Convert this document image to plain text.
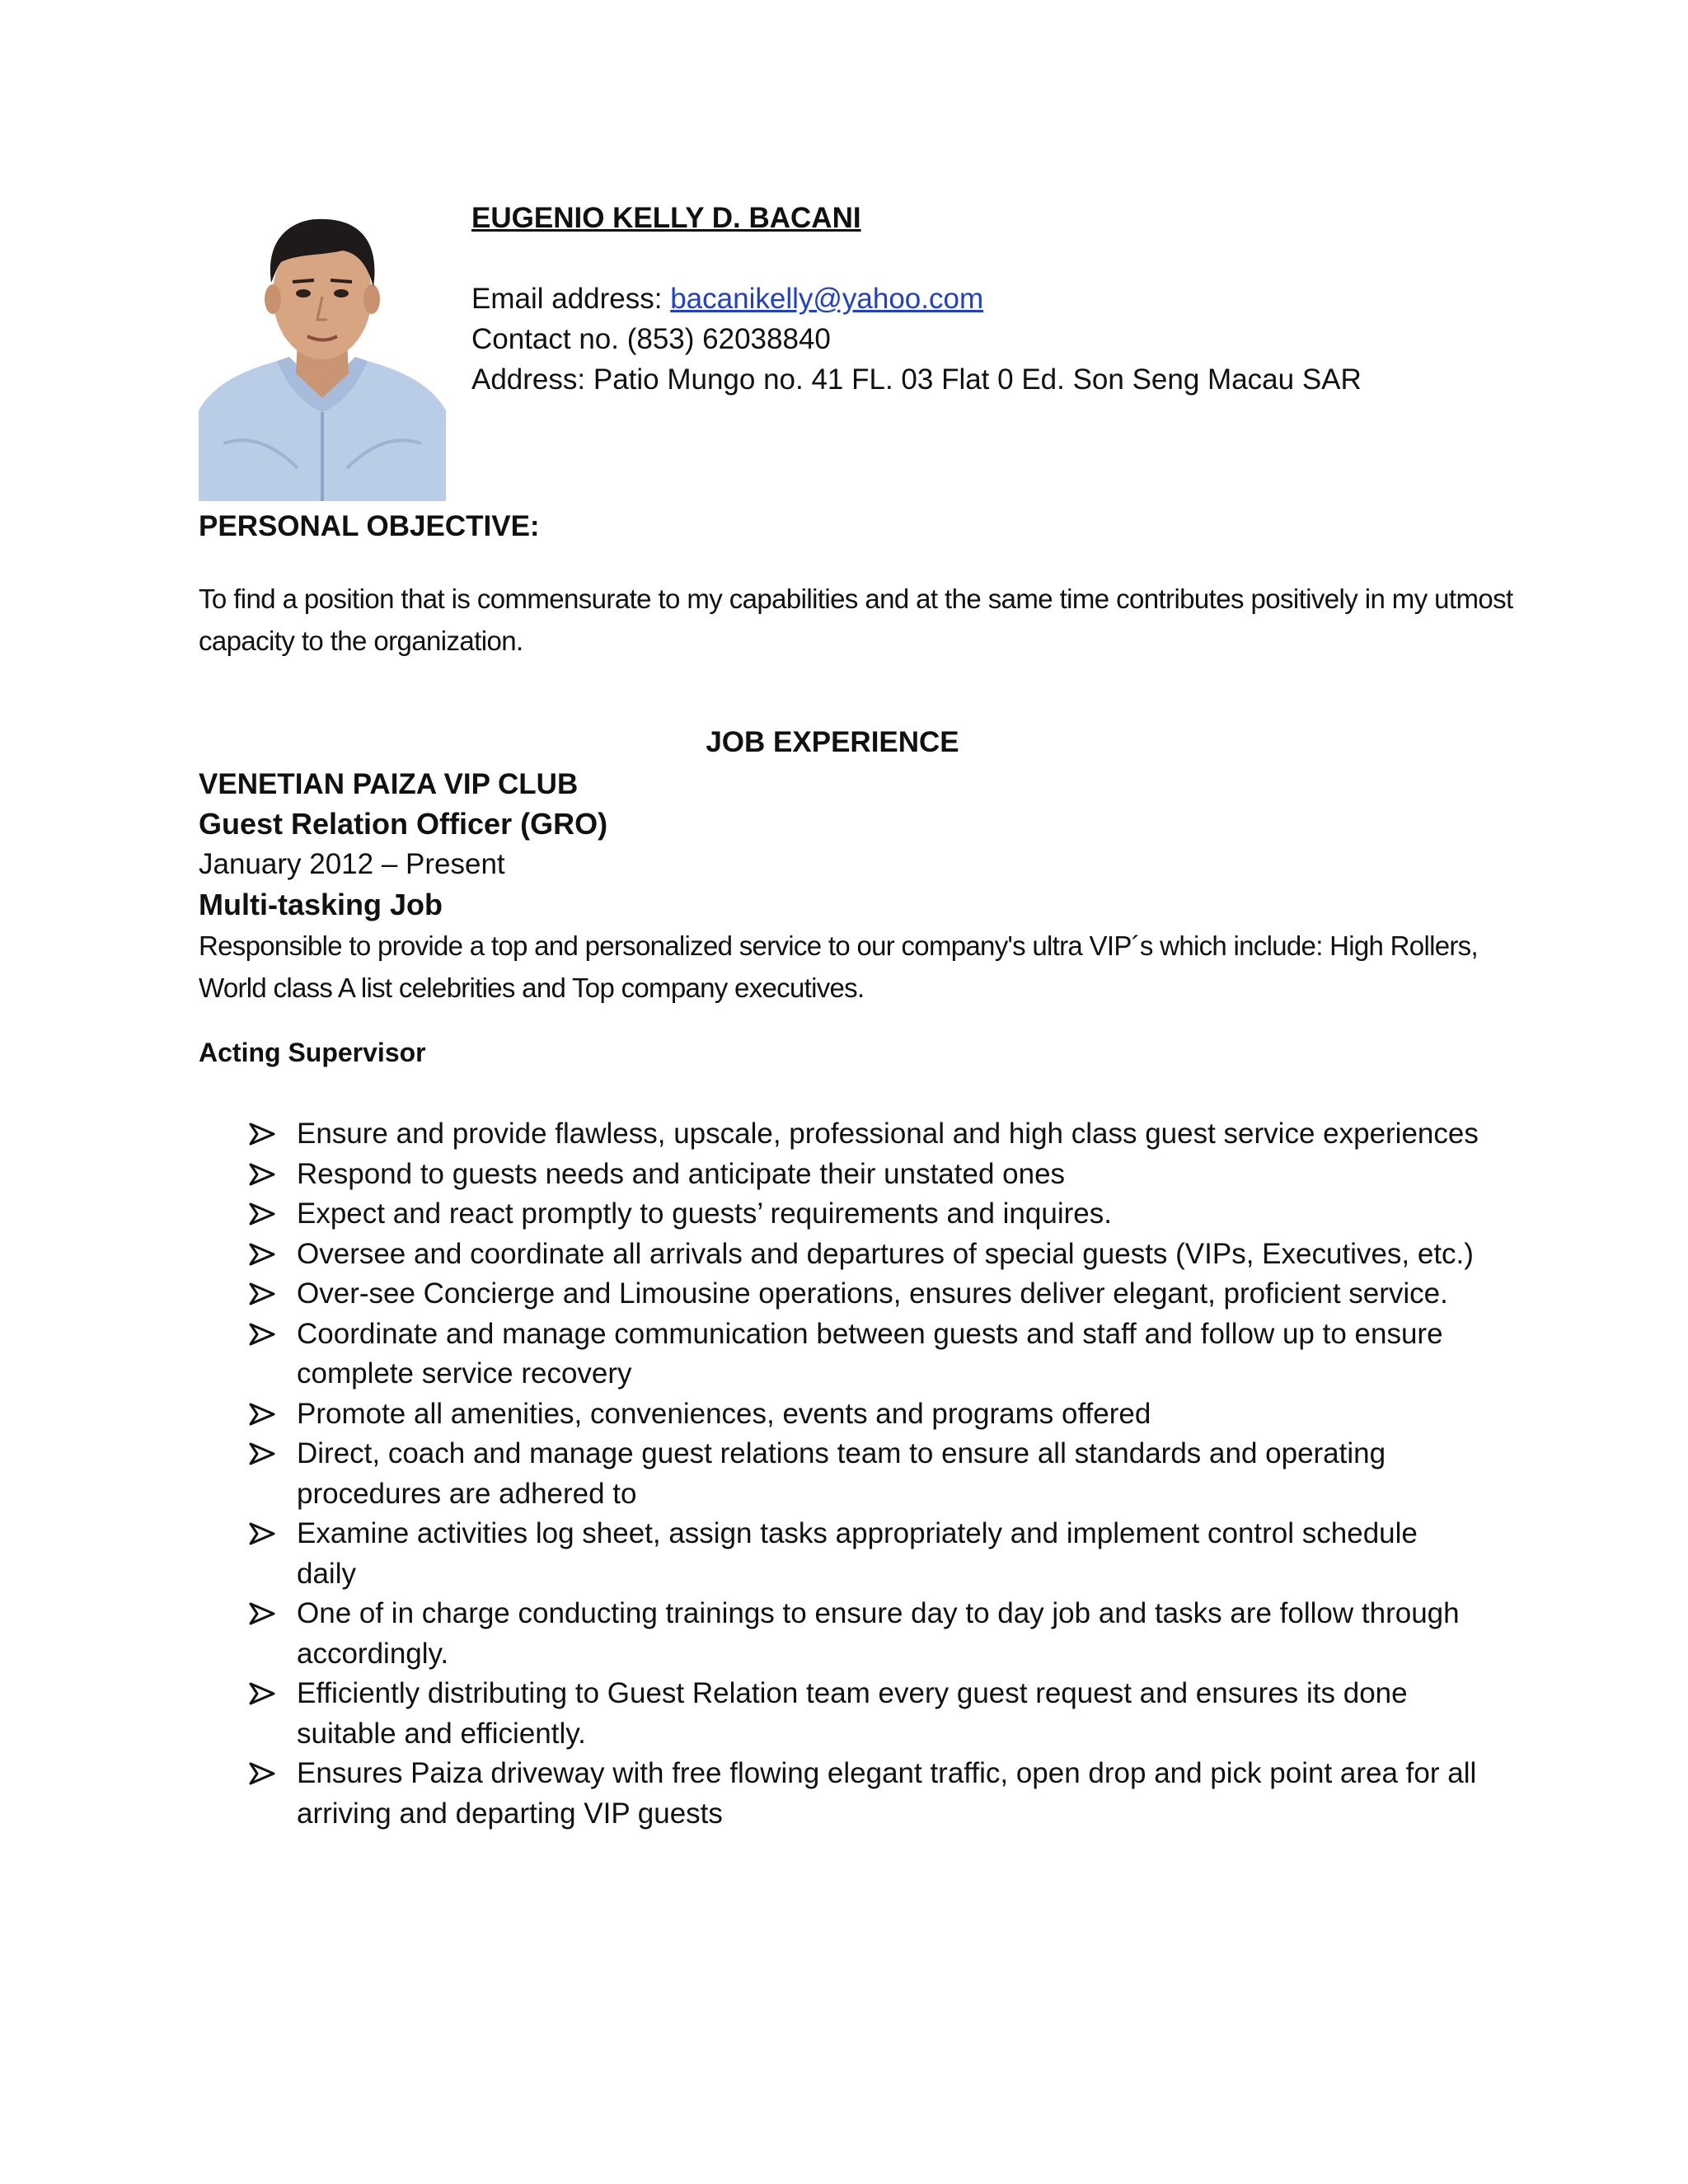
EUGENIO KELLY D. BACANI

Email address: bacanikelly@yahoo.com

Contact no. (853) 62038840

Address: Patio Mungo no. 41 FL. 03 Flat 0 Ed. Son Seng Macau SAR

PERSONAL OBJECTIVE:

To find a position that is commensurate to my capabilities and at the same time contributes positively in my utmost capacity to the organization.

JOB EXPERIENCE

VENETIAN PAIZA VIP CLUB

Guest Relation Officer (GRO)

January 2012 – Present

Multi-tasking Job

Responsible to provide a top and personalized service to our company's ultra VIP´s which include: High Rollers, World class A list celebrities and Top company executives.

Acting Supervisor

Ensure and provide flawless, upscale, professional and high class guest service experiences
Respond to guests needs and anticipate their unstated ones
Expect and react promptly to guests’ requirements and inquires.
Oversee and coordinate all arrivals and departures of special guests (VIPs, Executives, etc.)
Over-see Concierge and Limousine operations, ensures deliver elegant, proficient service.
Coordinate and manage communication between guests and staff and follow up to ensure complete service recovery
Promote all amenities, conveniences, events and programs offered
Direct, coach and manage guest relations team to ensure all standards and operating procedures are adhered to
Examine activities log sheet, assign tasks appropriately and implement control schedule daily
One of in charge conducting trainings to ensure day to day job and tasks are follow through accordingly.
Efficiently distributing to Guest Relation team every guest request and ensures its done suitable and efficiently.
Ensures Paiza driveway with free flowing elegant traffic, open drop and pick point area for all arriving and departing VIP guests
